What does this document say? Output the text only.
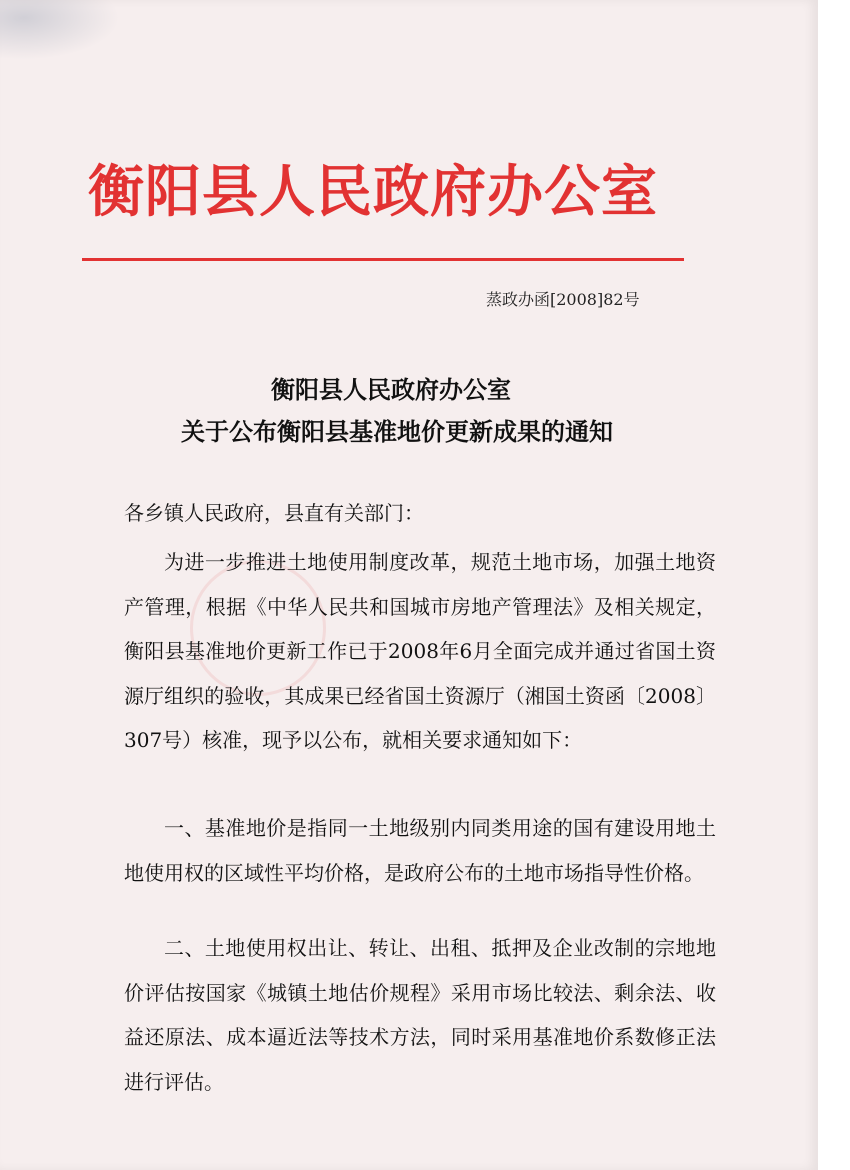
衡阳县人民政府办公室
蒸政办函[2008]82号
衡阳县人民政府办公室
关于公布衡阳县基准地价更新成果的通知
各乡镇人民政府，县直有关部门：

为进一步推进土地使用制度改革，规范土地市场，加强土地资产管理，根据《中华人民共和国城市房地产管理法》及相关规定，衡阳县基准地价更新工作已于2008年6月全面完成并通过省国土资源厅组织的验收，其成果已经省国土资源厅（湘国土资函〔2008〕307号）核准，现予以公布，就相关要求通知如下：

一、基准地价是指同一土地级别内同类用途的国有建设用地土地使用权的区域性平均价格，是政府公布的土地市场指导性价格。

二、土地使用权出让、转让、出租、抵押及企业改制的宗地地价评估按国家《城镇土地估价规程》采用市场比较法、剩余法、收益还原法、成本逼近法等技术方法，同时采用基准地价系数修正法进行评估。
